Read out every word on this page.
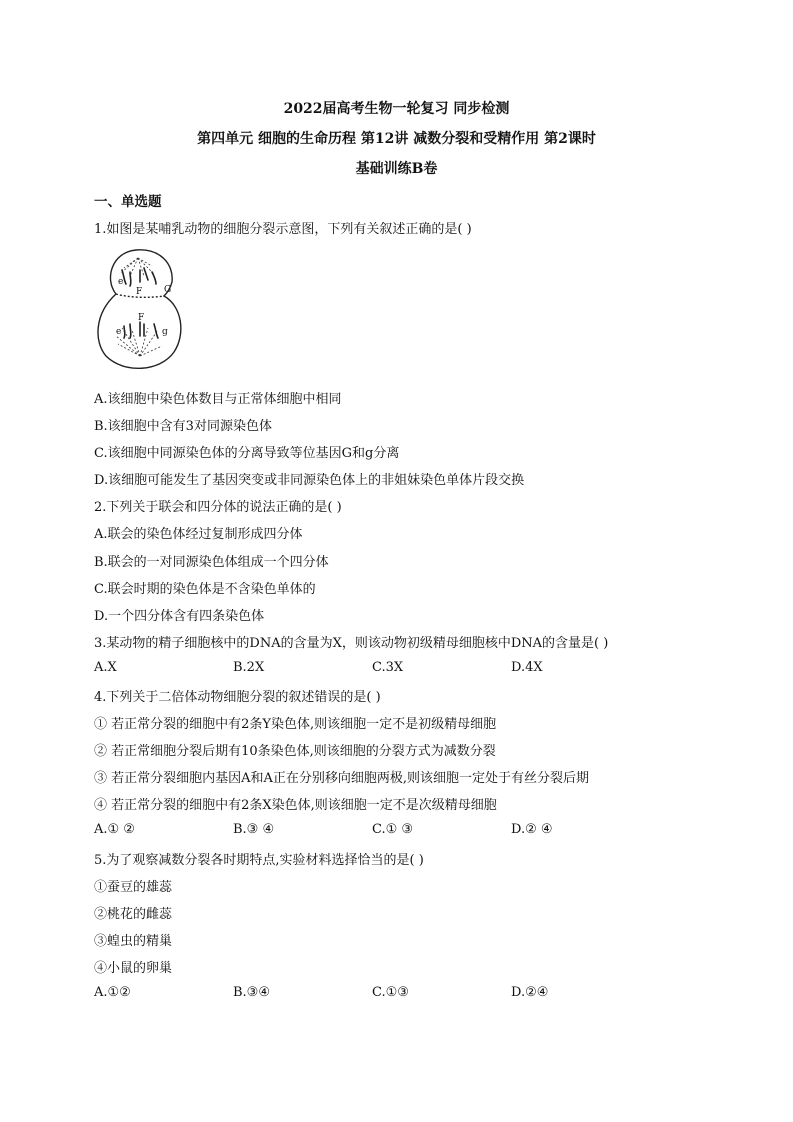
2022届高考生物一轮复习 同步检测
第四单元 细胞的生命历程 第12讲 减数分裂和受精作用 第2课时
基础训练B卷
一、单选题
1.如图是某哺乳动物的细胞分裂示意图，下列有关叙述正确的是( )
e
F G
e
F
g
A.该细胞中染色体数目与正常体细胞中相同
B.该细胞中含有3对同源染色体
C.该细胞中同源染色体的分离导致等位基因G和g分离
D.该细胞可能发生了基因突变或非同源染色体上的非姐妹染色单体片段交换
2.下列关于联会和四分体的说法正确的是( )
A.联会的染色体经过复制形成四分体
B.联会的一对同源染色体组成一个四分体
C.联会时期的染色体是不含染色单体的
D.一个四分体含有四条染色体
3.某动物的精子细胞核中的DNA的含量为X，则该动物初级精母细胞核中DNA的含量是( )
A.X	B.2X	C.3X	D.4X
4.下列关于二倍体动物细胞分裂的叙述错误的是( )
① 若正常分裂的细胞中有2条Y染色体,则该细胞一定不是初级精母细胞
② 若正常细胞分裂后期有10条染色体,则该细胞的分裂方式为减数分裂
③ 若正常分裂细胞内基因A和A正在分别移向细胞两极,则该细胞一定处于有丝分裂后期
④ 若正常分裂的细胞中有2条X染色体,则该细胞一定不是次级精母细胞
A.① ②	B.③ ④	C.① ③	D.② ④
5.为了观察减数分裂各时期特点,实验材料选择恰当的是( )
①蚕豆的雄蕊
②桃花的雌蕊
③蝗虫的精巢
④小鼠的卵巢
A.①②	B.③④	C.①③	D.②④
